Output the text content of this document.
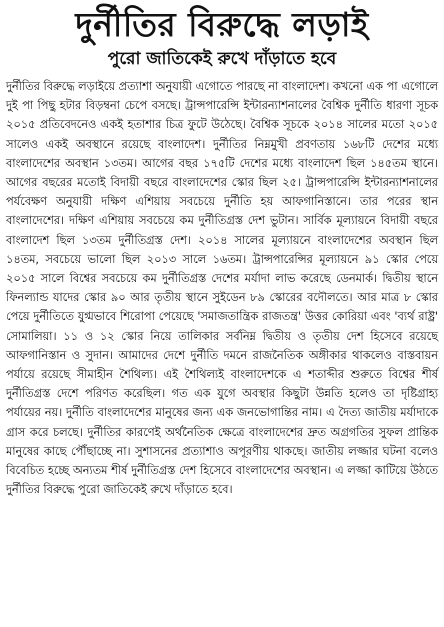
দুর্নীতির বিরুদ্ধে লড়াই
পুরো জাতিকেই রুখে দাঁড়াতে হবে

দুর্নীতির বিরুদ্ধে লড়াইয়ে প্রত্যাশা অনুযায়ী এগোতে পারছে না বাংলাদেশ। কখনো এক পা এগোলে দুই পা পিছু হটার বিড়ম্বনা চেপে বসছে। ট্রান্সপারেন্সি ইন্টারন্যাশনালের বৈশ্বিক দুর্নীতি ধারণা সূচক ২০১৫ প্রতিবেদনেও একই হতাশার চিত্র ফুটে উঠেছে। বৈশ্বিক সূচকে ২০১৪ সালের মতো ২০১৫ সালেও একই অবস্থানে রয়েছে বাংলাদেশ। দুর্নীতির নিম্নমুখী প্রবণতায় ১৬৮টি দেশের মধ্যে বাংলাদেশের অবস্থান ১৩তম। আগের বছর ১৭৫টি দেশের মধ্যে বাংলাদেশ ছিল ১৪৫তম স্থানে। আগের বছরের মতোই বিদায়ী বছরে বাংলাদেশের স্কোর ছিল ২৫। ট্রান্সপারেন্সি ইন্টারন্যাশনালের পর্যবেক্ষণ অনুযায়ী দক্ষিণ এশিয়ায় সবচেয়ে দুর্নীতি হয় আফগানিস্তানে। তার পরের স্থান বাংলাদেশের। দক্ষিণ এশিয়ায় সবচেয়ে কম দুর্নীতিগ্রস্ত দেশ ভুটান। সার্বিক মূল্যায়নে বিদায়ী বছরে বাংলাদেশ ছিল ১৩তম দুর্নীতিগ্রস্ত দেশ। ২০১৪ সালের মূল্যায়নে বাংলাদেশের অবস্থান ছিল ১৪তম, সবচেয়ে ভালো ছিল ২০১৩ সালে ১৬তম। ট্রান্সপারেন্সির মূল্যায়নে ৯১ স্কোর পেয়ে ২০১৫ সালে বিশ্বের সবচেয়ে কম দুর্নীতিগ্রস্ত দেশের মর্যাদা লাভ করেছে ডেনমার্ক। দ্বিতীয় স্থানে ফিনল্যান্ড যাদের স্কোর ৯০ আর তৃতীয় স্থানে সুইডেন ৮৯ স্কোরের বদৌলতে। আর মাত্র ৮ স্কোর পেয়ে দুর্নীতিতে যুগ্মভাবে শিরোপা পেয়েছে 'সমাজতান্ত্রিক রাজতন্ত্র' উত্তর কোরিয়া এবং 'ব্যর্থ রাষ্ট্র' সোমালিয়া। ১১ ও ১২ স্কোর নিয়ে তালিকার সর্বনিম্ন দ্বিতীয় ও তৃতীয় দেশ হিসেবে রয়েছে আফগানিস্তান ও সুদান। আমাদের দেশে দুর্নীতি দমনে রাজনৈতিক অঙ্গীকার থাকলেও বাস্তবায়ন পর্যায়ে রয়েছে সীমাহীন শৈথিল্য। এই শৈথিল্যই বাংলাদেশকে এ শতাব্দীর শুরুতে বিশ্বের শীর্ষ দুর্নীতিগ্রস্ত দেশে পরিণত করেছিল। গত এক যুগে অবস্থার কিছুটা উন্নতি হলেও তা দৃষ্টিগ্রাহ্য পর্যায়ের নয়। দুর্নীতি বাংলাদেশের মানুষের জন্য এক জনভোগান্তির নাম। এ দৈত্য জাতীয় মর্যাদাকে গ্রাস করে চলছে। দুর্নীতির কারণেই অর্থনৈতিক ক্ষেত্রে বাংলাদেশের দ্রুত অগ্রগতির সুফল প্রান্তিক মানুষের কাছে পৌঁছাচ্ছে না। সুশাসনের প্রত্যাশাও অপূরণীয় থাকছে। জাতীয় লজ্জার ঘটনা বলেও বিবেচিত হচ্ছে অন্যতম শীর্ষ দুর্নীতিগ্রস্ত দেশ হিসেবে বাংলাদেশের অবস্থান। এ লজ্জা কাটিয়ে উঠতে দুর্নীতির বিরুদ্ধে পুরো জাতিকেই রুখে দাঁড়াতে হবে।
